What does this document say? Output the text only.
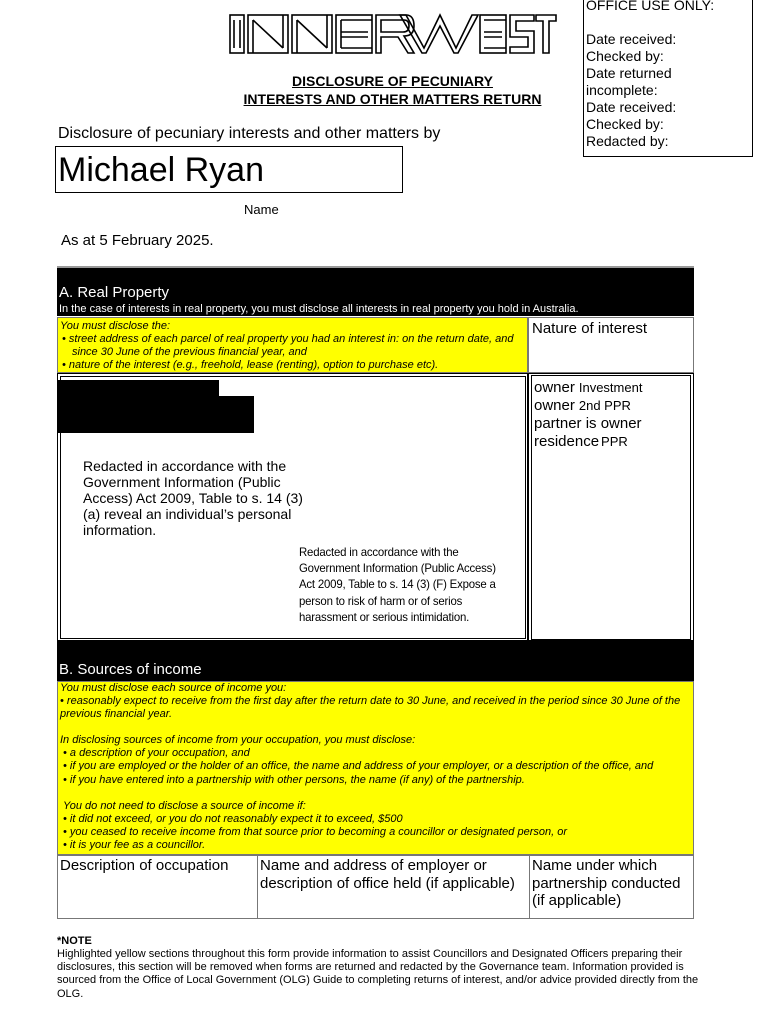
OFFICE USE ONLY:
Date received:
Checked by:
Date returned
incomplete:
Date received:
Checked by:
Redacted by:
DISCLOSURE OF PECUNIARY
INTERESTS AND OTHER MATTERS RETURN
Disclosure of pecuniary interests and other matters by
Michael Ryan
Name
As at 5 February 2025.
A. Real Property
In the case of interests in real property, you must disclose all interests in real property you hold in Australia.
You must disclose the:
• street address of each parcel of real property you had an interest in: on the return date, and since 30 June of the previous financial year, and
• nature of the interest (e.g., freehold, lease (renting), option to purchase etc).
Nature of interest
Redacted in accordance with the Government Information (Public Access) Act 2009, Table to s. 14 (3) (a) reveal an individual’s personal information.
Redacted in accordance with the Government Information (Public Access) Act 2009, Table to s. 14 (3) (F) Expose a person to risk of harm or of serios harassment or serious intimidation.
owner Investment
owner 2nd PPR
partner is owner
residence PPR
B. Sources of income

You must disclose each source of income you:

• reasonably expect to receive from the first day after the return date to 30 June, and received in the period since 30 June of the previous financial year.

In disclosing sources of income from your occupation, you must disclose:

• a description of your occupation, and

• if you are employed or the holder of an office, the name and address of your employer, or a description of the office, and

• if you have entered into a partnership with other persons, the name (if any) of the partnership.

You do not need to disclose a source of income if:

• it did not exceed, or you do not reasonably expect it to exceed, $500

• you ceased to receive income from that source prior to becoming a councillor or designated person, or

• it is your fee as a councillor.

Description of occupation	Name and address of employer or description of office held (if applicable)
Name under which partnership conducted (if applicable)
*NOTE
Highlighted yellow sections throughout this form provide information to assist Councillors and Designated Officers preparing their disclosures, this section will be removed when forms are returned and redacted by the Governance team. Information provided is sourced from the Office of Local Government (OLG) Guide to completing returns of interest, and/or advice provided directly from the OLG.
